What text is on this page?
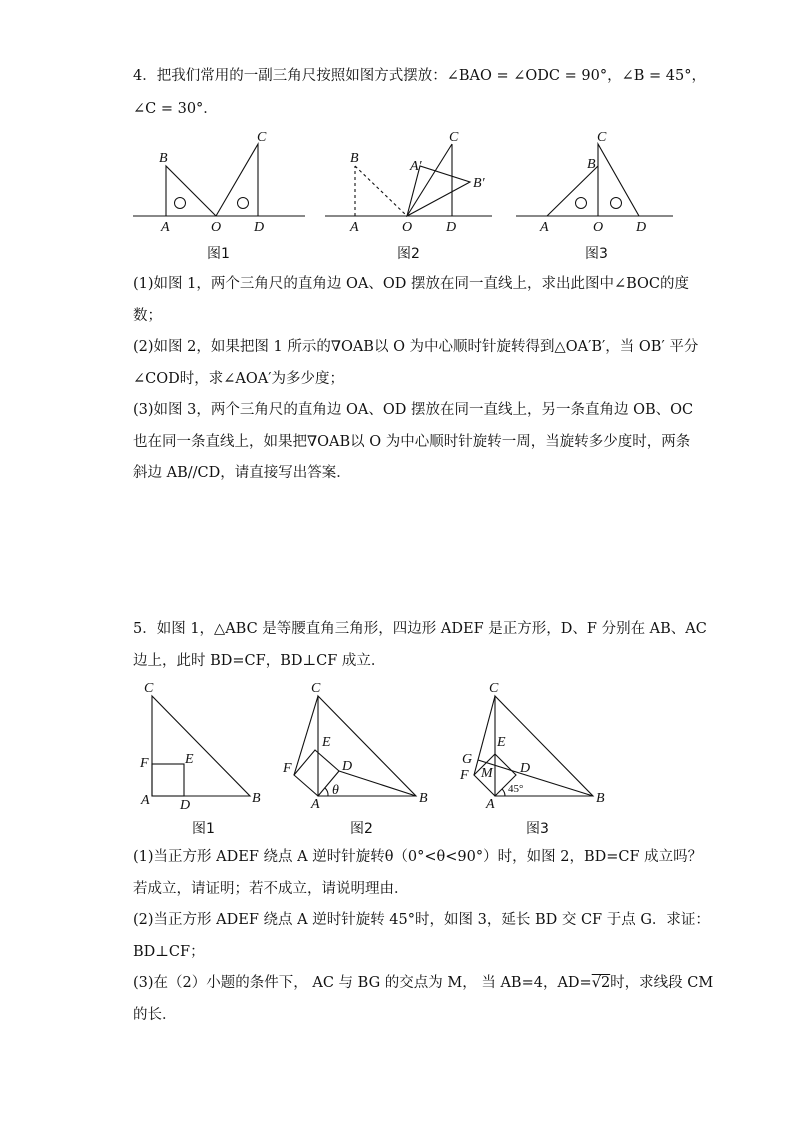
4．把我们常用的一副三角尺按照如图方式摆放：∠BAO = ∠ODC = 90°，∠B = 45°，
∠C = 30°．
B
C
A	O D
图1
B
C
A′
B′
A	O D
图2
C
B
A	O D
图3
(1)如图 1，两个三角尺的直角边 OA、OD 摆放在同一直线上，求出此图中∠BOC的度
数；
(2)如图 2，如果把图 1 所示的∇OAB以 O 为中心顺时针旋转得到△OA′B′，当 OB′ 平分
∠COD时，求∠AOA′为多少度；
(3)如图 3，两个三角尺的直角边 OA、OD 摆放在同一直线上，另一条直角边 OB、OC
也在同一条直线上，如果把∇OAB以 O 为中心顺时针旋转一周，当旋转多少度时，两条
斜边 AB//CD，请直接写出答案．
5．如图 1，△ABC 是等腰直角三角形，四边形 ADEF 是正方形，D、F 分别在 AB、AC
边上，此时 BD=CF，BD⊥CF 成立．
C
F	E
A D	B
图1
C
E
F	D
A
θ
B
图2
C
E
G
F M D
A
45°
B
图3
(1)当正方形 ADEF 绕点 A 逆时针旋转θ（0°<θ<90°）时，如图 2，BD=CF 成立吗？
若成立，请证明；若不成立，请说明理由．
(2)当正方形 ADEF 绕点 A 逆时针旋转 45°时，如图 3，延长 BD 交 CF 于点 G．求证：
BD⊥CF；
(3)在（2）小题的条件下， AC 与 BG 的交点为 M， 当 AB=4，AD=√2时，求线段 CM
的长．
